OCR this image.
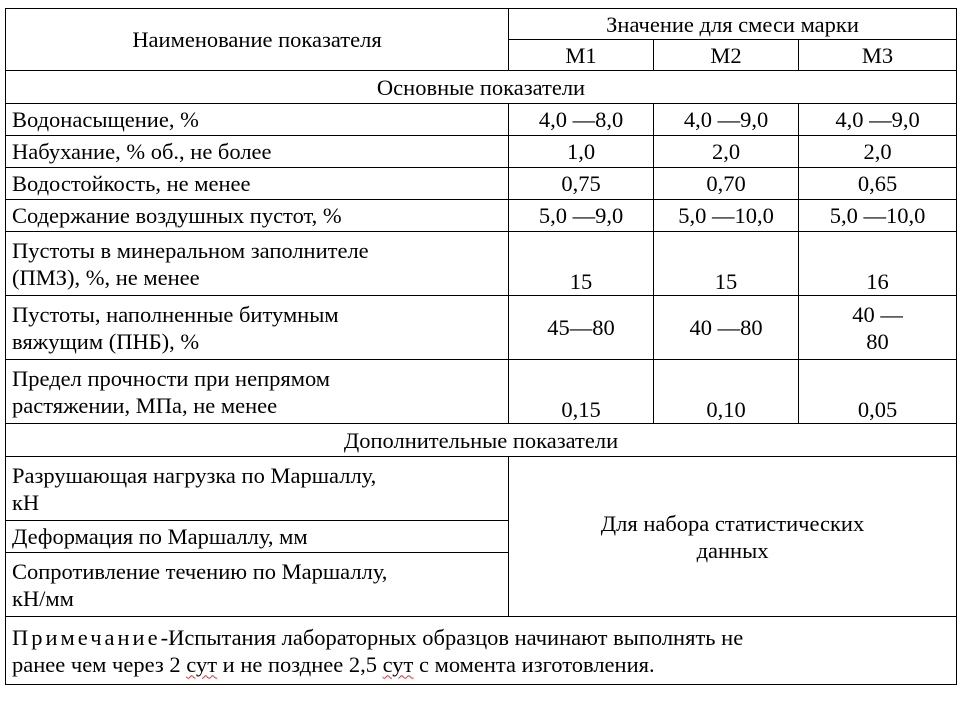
Наименование показателя	Значение для смеси марки		
	М1	М2	М3
Основные показатели			
Водонасыщение, %	4,0 —8,0	4,0 —9,0	4,0 —9,0
Набухание, % об., не более	1,0	2,0	2,0
Водостойкость, не менее	0,75	0,70	0,65
Содержание воздушных пустот, %	5,0 —9,0	5,0 —10,0	5,0 —10,0
Пустоты в минеральном заполнителе
(ПМЗ), %, не менее	15	15	16
Пустоты, наполненные битумным
вяжущим (ПНБ), %	45—80	40 —80	40 —
80
Предел прочности при непрямом
растяжении, МПа, не менее	0,15	0,10	0,05
Дополнительные показатели			
Разрушающая нагрузка по Маршаллу,
кН	Для набора статистических
данных		
Деформация по Маршаллу, мм			
Сопротивление течению по Маршаллу,
кН/мм			
Примечание-Испытания лабораторных образцов начинают выполнять не
ранее чем через 2 сут и не позднее 2,5 сут с момента изготовления.			
